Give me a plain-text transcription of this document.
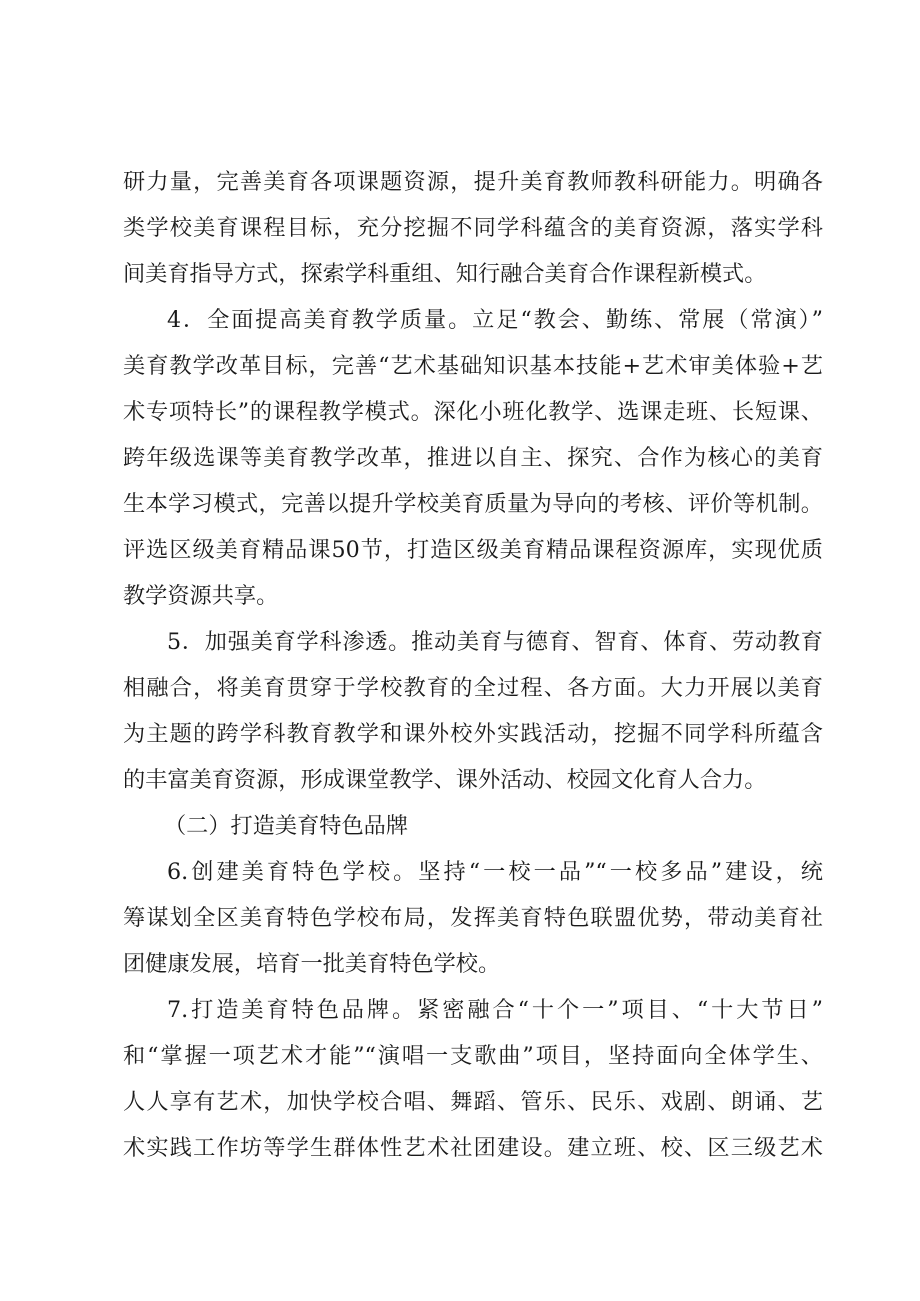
研力量，完善美育各项课题资源，提升美育教师教科研能力。明确各
类学校美育课程目标，充分挖掘不同学科蕴含的美育资源，落实学科
间美育指导方式，探索学科重组、知行融合美育合作课程新模式。
4．全面提高美育教学质量。立足“教会、勤练、常展（常演）”
美育教学改革目标，完善“艺术基础知识基本技能+艺术审美体验+艺
术专项特长”的课程教学模式。深化小班化教学、选课走班、长短课、
跨年级选课等美育教学改革，推进以自主、探究、合作为核心的美育
生本学习模式，完善以提升学校美育质量为导向的考核、评价等机制。
评选区级美育精品课50节，打造区级美育精品课程资源库，实现优质
教学资源共享。
5．加强美育学科渗透。推动美育与德育、智育、体育、劳动教育
相融合，将美育贯穿于学校教育的全过程、各方面。大力开展以美育
为主题的跨学科教育教学和课外校外实践活动，挖掘不同学科所蕴含
的丰富美育资源，形成课堂教学、课外活动、校园文化育人合力。
（二）打造美育特色品牌
6.创建美育特色学校。坚持“一校一品”“一校多品”建设，统
筹谋划全区美育特色学校布局，发挥美育特色联盟优势，带动美育社
团健康发展，培育一批美育特色学校。
7.打造美育特色品牌。紧密融合“十个一”项目、“十大节日”
和“掌握一项艺术才能”“演唱一支歌曲”项目，坚持面向全体学生、
人人享有艺术，加快学校合唱、舞蹈、管乐、民乐、戏剧、朗诵、艺
术实践工作坊等学生群体性艺术社团建设。建立班、校、区三级艺术
